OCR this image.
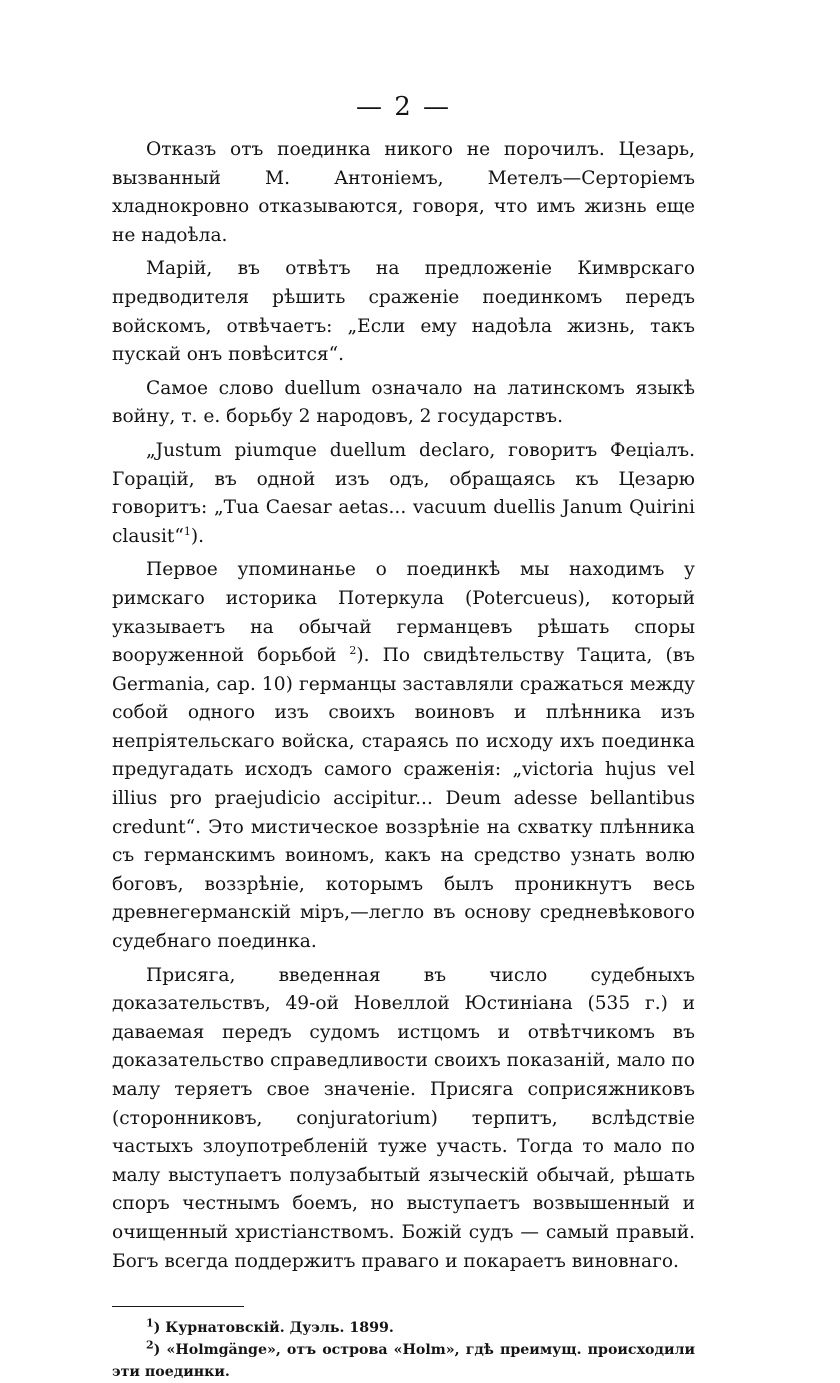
— 2 —

Отказъ отъ поединка никого не порочилъ. Цезарь, вызванный М. Антоніемъ, Метелъ—Серторіемъ хладнокровно отказываются, говоря, что имъ жизнь еще не надоѣла.

Марій, въ отвѣтъ на предложеніе Кимврскаго предводителя рѣшить сраженіе поединкомъ передъ войскомъ, отвѣчаетъ: „Если ему надоѣла жизнь, такъ пускай онъ повѣсится“.

Самое слово duellum означало на латинскомъ языкѣ войну, т. е. борьбу 2 народовъ, 2 государствъ.

„Justum piumque duellum declaro, говоритъ Феціалъ. Горацій, въ одной изъ одъ, обращаясь къ Цезарю говоритъ: „Tua Caesar aetas... vacuum duellis Janum Quirini clausit“$^1$).

Первое упоминанье о поединкѣ мы находимъ у римскаго историка Потеркула (Potercueus), который указываетъ на обычай германцевъ рѣшать споры вооруженной борьбой $^2$). По свидѣтельству Тацита, (въ Germania, cap. 10) германцы заставляли сражаться между собой одного изъ своихъ воиновъ и плѣнника изъ непріятельскаго войска, стараясь по исходу ихъ поединка предугадать исходъ самого сраженія: „victoria hujus vel illius pro praejudicio accipitur... Deum adesse bellantibus credunt“. Это мистическое воззрѣніе на схватку плѣнника съ германскимъ воиномъ, какъ на средство узнать волю боговъ, воззрѣніе, которымъ былъ проникнутъ весь древнегерманскій міръ,—легло въ основу средневѣкового судебнаго поединка.

Присяга, введенная въ число судебныхъ доказательствъ, 49-ой Новеллой Юстиніана (535 г.) и даваемая передъ судомъ истцомъ и отвѣтчикомъ въ доказательство справедливости своихъ показаній, мало по малу теряетъ свое значеніе. Присяга соприсяжниковъ (сторонниковъ, conjuratorium) терпитъ, вслѣдствіе частыхъ злоупотребленій туже участь. Тогда то мало по малу выступаетъ полузабытый языческій обычай, рѣшать споръ честнымъ боемъ, но выступаетъ возвышенный и очищенный христіанствомъ. Божій судъ — самый правый. Богъ всегда поддержитъ праваго и покараетъ виновнаго.

$^1$) Курнатовскій. Дуэль. 1899.

$^2$) «Holmgänge», отъ острова «Holm», гдѣ преимущ. происходили эти поединки.
